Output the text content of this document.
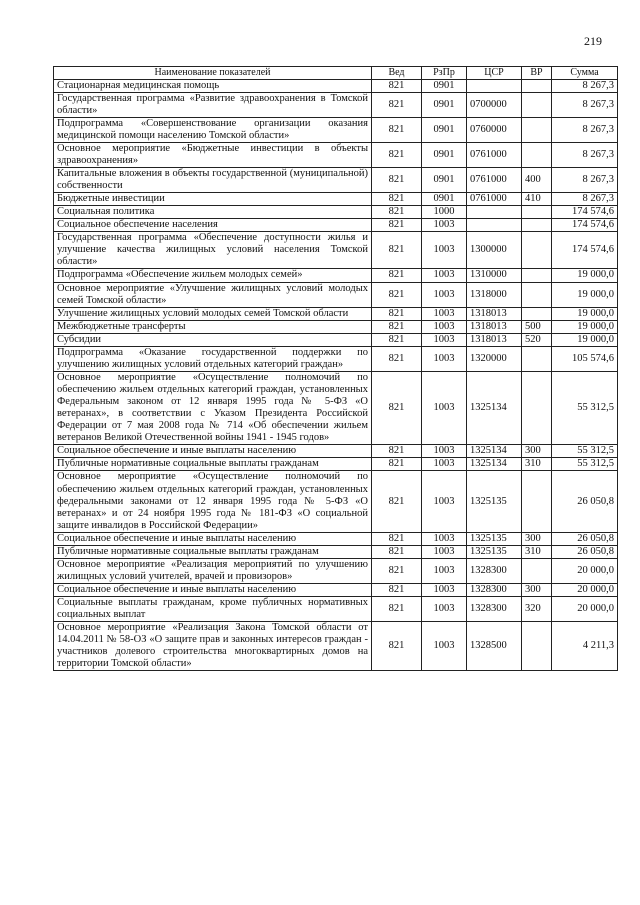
219
Наименование показателей	Вед	РзПр	ЦСР	ВР	Сумма
Стационарная медицинская помощь	821	0901			8 267,3
Государственная программа «Развитие здравоохранения в Томской области»	821	0901	0700000		8 267,3
Подпрограмма «Совершенствование организации оказания медицинской помощи населению Томской области»	821	0901	0760000		8 267,3
Основное мероприятие «Бюджетные инвестиции в объекты здравоохранения»	821	0901	0761000		8 267,3
Капитальные вложения в объекты государственной (муниципальной) собственности	821	0901	0761000	400	8 267,3
Бюджетные инвестиции	821	0901	0761000	410	8 267,3
Социальная политика	821	1000			174 574,6
Социальное обеспечение населения	821	1003			174 574,6
Государственная программа «Обеспечение доступности жилья и улучшение качества жилищных условий населения Томской области»	821	1003	1300000		174 574,6
Подпрограмма «Обеспечение жильем молодых семей»	821	1003	1310000		19 000,0
Основное мероприятие «Улучшение жилищных условий молодых семей Томской области»	821	1003	1318000		19 000,0
Улучшение жилищных условий молодых семей Томской области	821	1003	1318013		19 000,0
Межбюджетные трансферты	821	1003	1318013	500	19 000,0
Субсидии	821	1003	1318013	520	19 000,0
Подпрограмма «Оказание государственной поддержки по улучшению жилищных условий отдельных категорий граждан»	821	1003	1320000		105 574,6
Основное мероприятие «Осуществление полномочий по обеспечению жильем отдельных категорий граждан, установленных Федеральным законом от 12 января 1995 года № 5-ФЗ «О ветеранах», в соответствии с Указом Президента Российской Федерации от 7 мая 2008 года № 714 «Об обеспечении жильем ветеранов Великой Отечественной войны 1941 - 1945 годов»	821	1003	1325134		55 312,5
Социальное обеспечение и иные выплаты населению	821	1003	1325134	300	55 312,5
Публичные нормативные социальные выплаты гражданам	821	1003	1325134	310	55 312,5
Основное мероприятие «Осуществление полномочий по обеспечению жильем отдельных категорий граждан, установленных федеральными законами от 12 января 1995 года № 5-ФЗ «О ветеранах» и от 24 ноября 1995 года № 181-ФЗ «О социальной защите инвалидов в Российской Федерации»	821	1003	1325135		26 050,8
Социальное обеспечение и иные выплаты населению	821	1003	1325135	300	26 050,8
Публичные нормативные социальные выплаты гражданам	821	1003	1325135	310	26 050,8
Основное мероприятие «Реализация мероприятий по улучшению жилищных условий учителей, врачей и провизоров»	821	1003	1328300		20 000,0
Социальное обеспечение и иные выплаты населению	821	1003	1328300	300	20 000,0
Социальные выплаты гражданам, кроме публичных нормативных социальных выплат	821	1003	1328300	320	20 000,0
Основное мероприятие «Реализация Закона Томской области от 14.04.2011 № 58-ОЗ «О защите прав и законных интересов граждан - участников долевого строительства многоквартирных домов на территории Томской области»	821	1003	1328500		4 211,3
